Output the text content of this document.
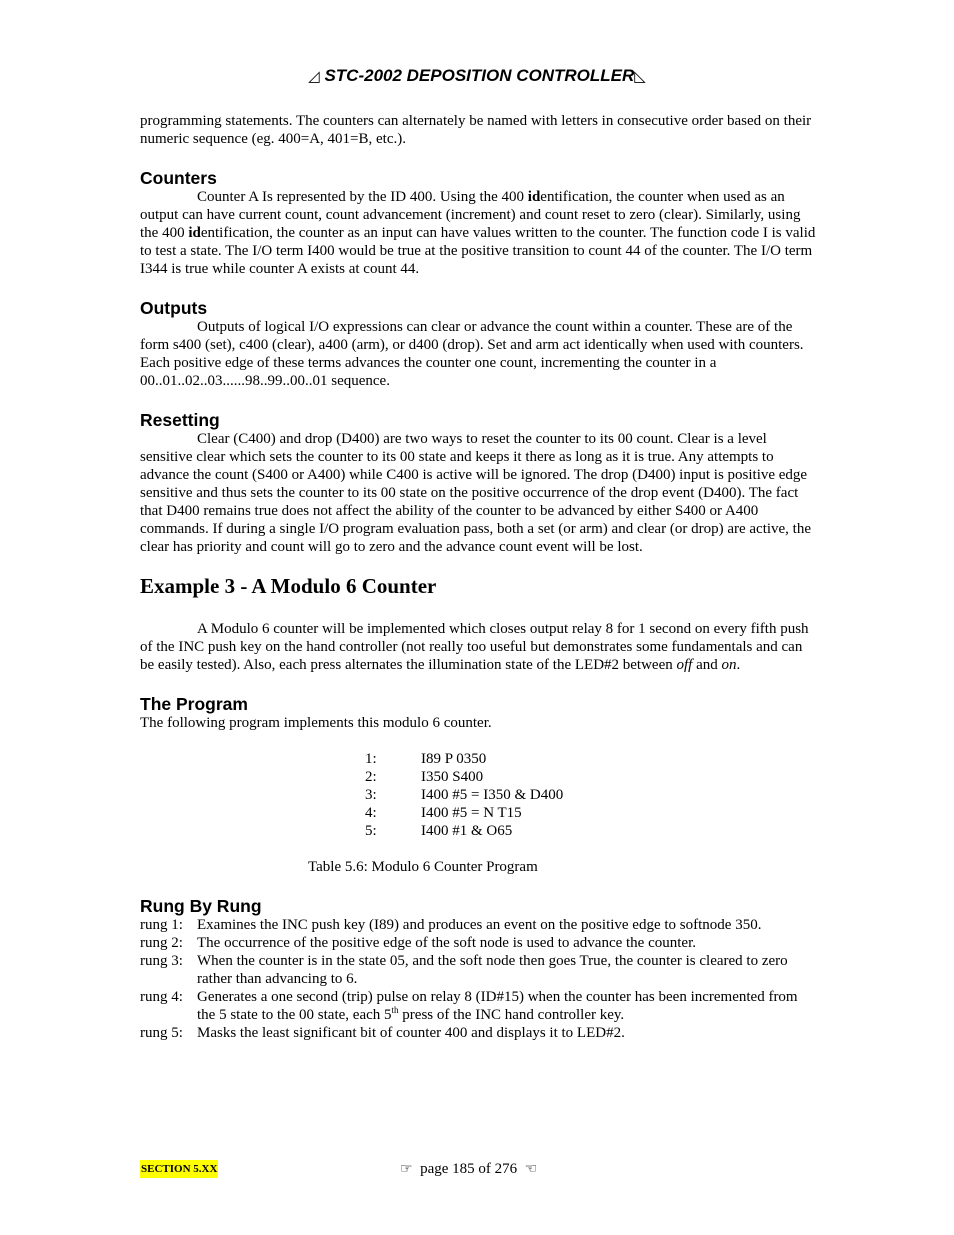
◿ STC-2002 DEPOSITION CONTROLLER◺

programming statements. The counters can alternately be named with letters in consecutive order based on their numeric sequence (eg. 400=A, 401=B, etc.).

Counters

Counter A Is represented by the ID 400. Using the 400 identification, the counter when used as an output can have current count, count advancement (increment) and count reset to zero (clear). Similarly, using the 400 identification, the counter as an input can have values written to the counter. The function code I is valid to test a state. The I/O term I400 would be true at the positive transition to count 44 of the counter. The I/O term I344 is true while counter A exists at count 44.

Outputs

Outputs of logical I/O expressions can clear or advance the count within a counter. These are of the form s400 (set), c400 (clear), a400 (arm), or d400 (drop). Set and arm act identically when used with counters. Each positive edge of these terms advances the counter one count, incrementing the counter in a 00..01..02..03......98..99..00..01 sequence.

Resetting

Clear (C400) and drop (D400) are two ways to reset the counter to its 00 count. Clear is a level sensitive clear which sets the counter to its 00 state and keeps it there as long as it is true. Any attempts to advance the count (S400 or A400) while C400 is active will be ignored. The drop (D400) input is positive edge sensitive and thus sets the counter to its 00 state on the positive occurrence of the drop event (D400). The fact that D400 remains true does not affect the ability of the counter to be advanced by either S400 or A400 commands. If during a single I/O program evaluation pass, both a set (or arm) and clear (or drop) are active, the clear has priority and count will go to zero and the advance count event will be lost.

Example 3 - A Modulo 6 Counter

A Modulo 6 counter will be implemented which closes output relay 8 for 1 second on every fifth push of the INC push key on the hand controller (not really too useful but demonstrates some fundamentals and can be easily tested). Also, each press alternates the illumination state of the LED#2 between off and on.

The Program

The following program implements this modulo 6 counter.

1:	I89 P 0350
2:	I350 S400
3:	I400 #5 = I350 & D400
4:	I400 #5 = N T15
5:	I400 #1 & O65

Table 5.6: Modulo 6 Counter Program

Rung By Rung
rung 1: Examines the INC push key (I89) and produces an event on the positive edge to softnode 350.
rung 2: The occurrence of the positive edge of the soft node is used to advance the counter.
rung 3: When the counter is in the state 05, and the soft node then goes True, the counter is cleared to zero rather than advancing to 6.
rung 4: Generates a one second (trip) pulse on relay 8 (ID#15) when the counter has been incremented from the 5 state to the 00 state, each 5th press of the INC hand controller key.
rung 5: Masks the least significant bit of counter 400 and displays it to LED#2.
SECTION 5.XX	☞ page 185 of 276 ☜
